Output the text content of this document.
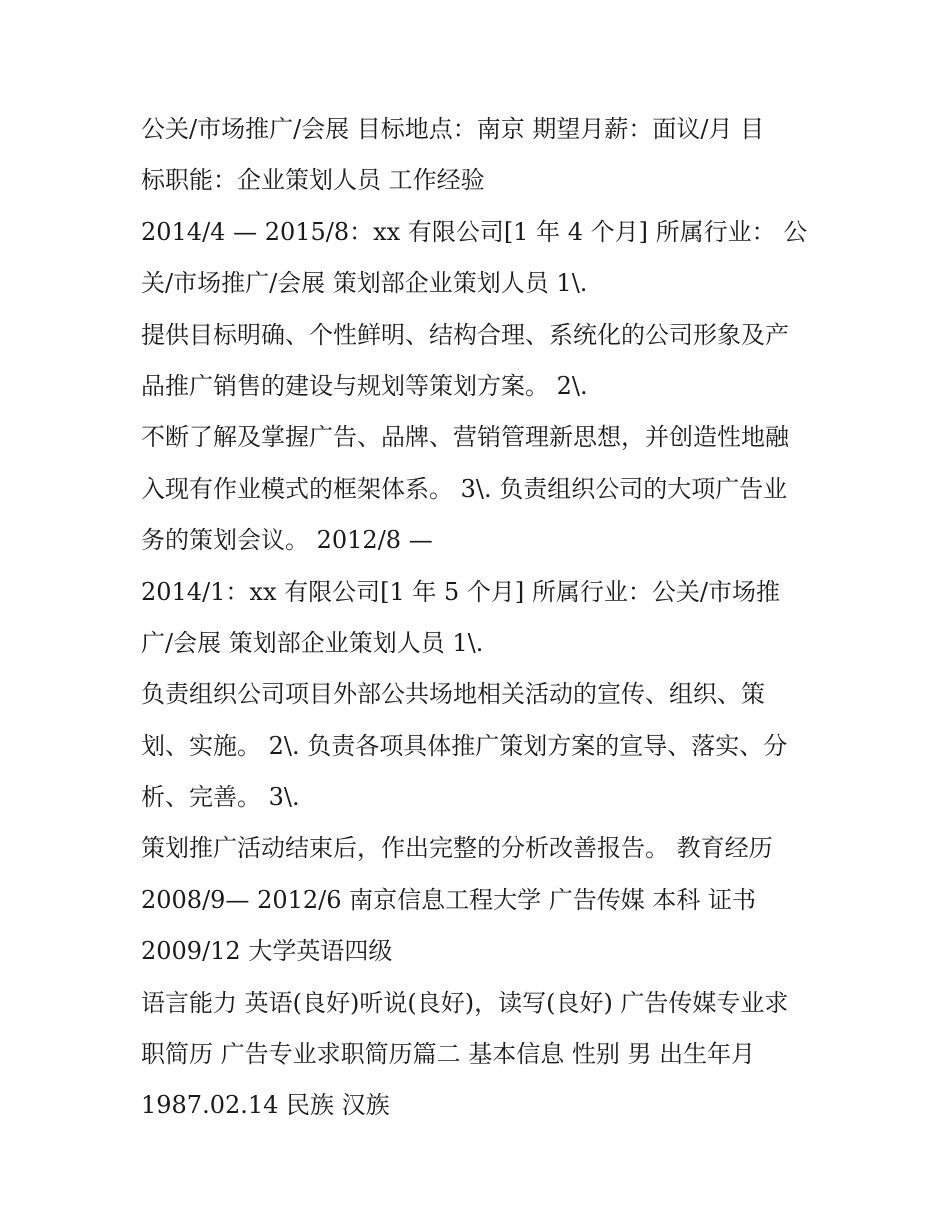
公关/市场推广/会展 目标地点：南京 期望月薪：面议/月 目
标职能：企业策划人员 工作经验
2014/4 — 2015/8：xx 有限公司[1 年 4 个月] 所属行业： 公
关/市场推广/会展 策划部企业策划人员 1\.
提供目标明确、个性鲜明、结构合理、系统化的公司形象及产
品推广销售的建设与规划等策划方案。 2\.
不断了解及掌握广告、品牌、营销管理新思想，并创造性地融
入现有作业模式的框架体系。 3\. 负责组织公司的大项广告业
务的策划会议。 2012/8 —
2014/1：xx 有限公司[1 年 5 个月] 所属行业：公关/市场推
广/会展 策划部企业策划人员 1\.
负责组织公司项目外部公共场地相关活动的宣传、组织、策
划、实施。 2\. 负责各项具体推广策划方案的宣导、落实、分
析、完善。 3\.
策划推广活动结束后，作出完整的分析改善报告。 教育经历
2008/9— 2012/6 南京信息工程大学 广告传媒 本科 证书
2009/12 大学英语四级
语言能力 英语(良好)听说(良好)，读写(良好) 广告传媒专业求
职简历 广告专业求职简历篇二 基本信息 性别 男 出生年月
1987.02.14 民族 汉族
